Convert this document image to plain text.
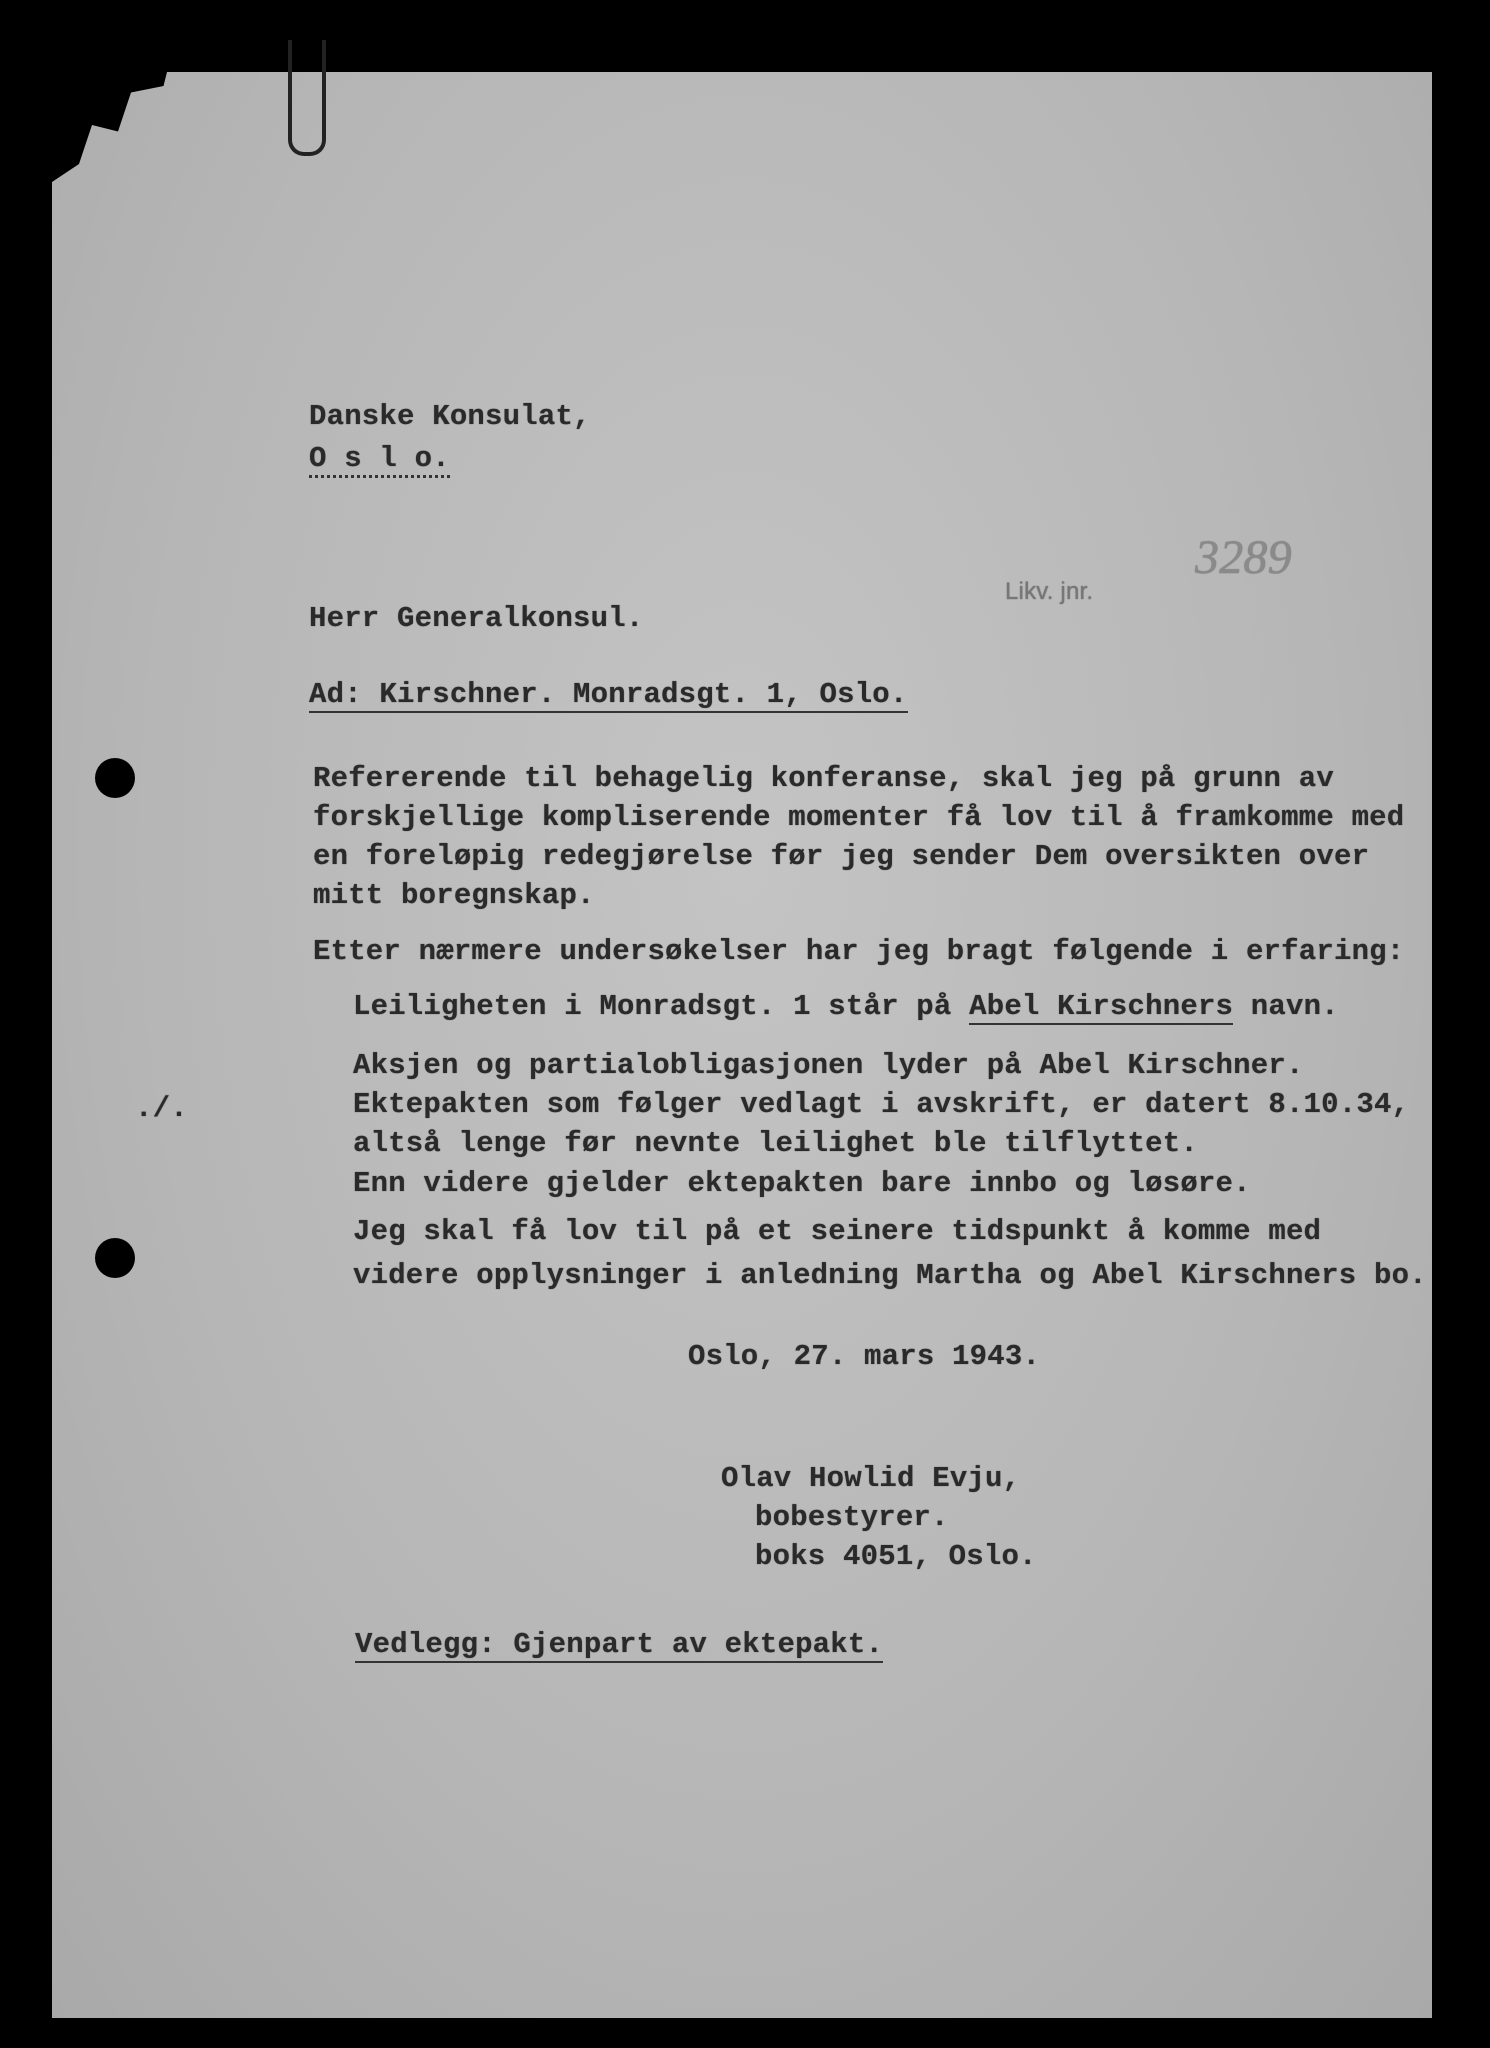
Danske Konsulat,
O s l o.
Likv. jnr.
3289
Herr Generalkonsul.
Ad: Kirschner. Monradsgt. 1, Oslo.
Refererende til behagelig konferanse, skal jeg på grunn av
forskjellige kompliserende momenter få lov til å framkomme med
en foreløpig redegjørelse før jeg sender Dem oversikten over
mitt boregnskap.
Etter nærmere undersøkelser har jeg bragt følgende i erfaring:
Leiligheten i Monradsgt. 1 står på Abel Kirschners navn.
Aksjen og partialobligasjonen lyder på Abel Kirschner.
Ektepakten som følger vedlagt i avskrift, er datert 8.10.34,
altså lenge før nevnte leilighet ble tilflyttet.
Enn videre gjelder ektepakten bare innbo og løsøre.
./.
Jeg skal få lov til på et seinere tidspunkt å komme med
videre opplysninger i anledning Martha og Abel Kirschners bo.
Oslo, 27. mars 1943.
Olav Howlid Evju,
bobestyrer.
boks 4051, Oslo.
Vedlegg: Gjenpart av ektepakt.
